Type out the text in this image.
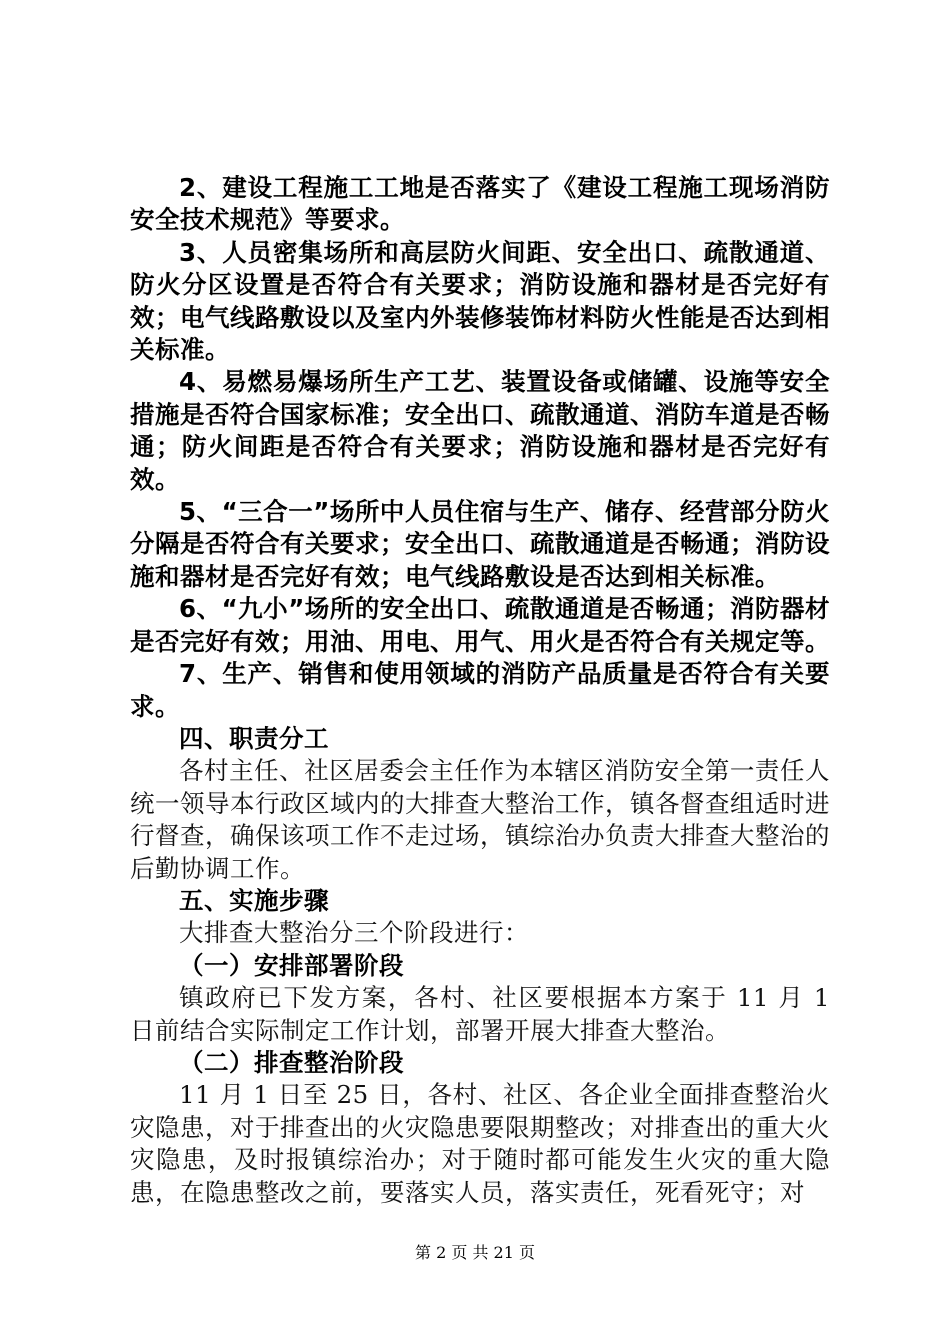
2、建设工程施工工地是否落实了《建设工程施工现场消防安全技术规范》等要求。

3、人员密集场所和高层防火间距、安全出口、疏散通道、防火分区设置是否符合有关要求；消防设施和器材是否完好有效；电气线路敷设以及室内外装修装饰材料防火性能是否达到相关标准。

4、易燃易爆场所生产工艺、装置设备或储罐、设施等安全措施是否符合国家标准；安全出口、疏散通道、消防车道是否畅通；防火间距是否符合有关要求；消防设施和器材是否完好有效。

5、“三合一”场所中人员住宿与生产、储存、经营部分防火分隔是否符合有关要求；安全出口、疏散通道是否畅通；消防设施和器材是否完好有效；电气线路敷设是否达到相关标准。

6、“九小”场所的安全出口、疏散通道是否畅通；消防器材是否完好有效；用油、用电、用气、用火是否符合有关规定等。

7、生产、销售和使用领域的消防产品质量是否符合有关要求。

四、职责分工

各村主任、社区居委会主任作为本辖区消防安全第一责任人统一领导本行政区域内的大排查大整治工作，镇各督查组适时进行督查，确保该项工作不走过场，镇综治办负责大排查大整治的后勤协调工作。

五、实施步骤

大排查大整治分三个阶段进行：

（一）安排部署阶段

镇政府已下发方案，各村、社区要根据本方案于 11 月 1 日前结合实际制定工作计划，部署开展大排查大整治。

（二）排查整治阶段

11 月 1 日至 25 日，各村、社区、各企业全面排查整治火灾隐患，对于排查出的火灾隐患要限期整改；对排查出的重大火灾隐患，及时报镇综治办；对于随时都可能发生火灾的重大隐患，在隐患整改之前，要落实人员，落实责任，死看死守；对

第 2 页 共 21 页
